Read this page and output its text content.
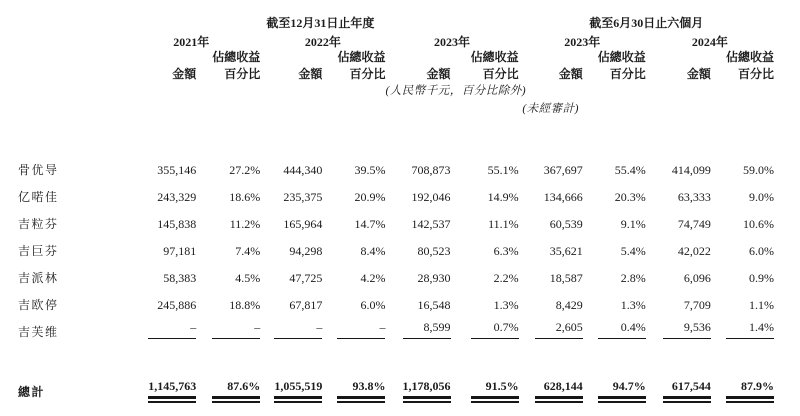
	截至12月31日止年度						截至6月30日止六個月			
	2021年		2022年		2023年		2023年		2024年	
		佔總收益		佔總收益		佔總收益		佔總收益		佔總收益
	金額	百分比	金額	百分比	金額	百分比	金額	百分比	金額	百分比
					(人民幣千元，百分比除外)					
							(未經審計)			

骨优导	355,146	27.2%	444,340	39.5%	708,873	55.1%	367,697	55.4%	414,099	59.0%
亿喏佳	243,329	18.6%	235,375	20.9%	192,046	14.9%	134,666	20.3%	63,333	9.0%
吉粒芬	145,838	11.2%	165,964	14.7%	142,537	11.1%	60,539	9.1%	74,749	10.6%
吉巨芬	97,181	7.4%	94,298	8.4%	80,523	6.3%	35,621	5.4%	42,022	6.0%
吉派林	58,383	4.5%	47,725	4.2%	28,930	2.2%	18,587	2.8%	6,096	0.9%
吉欧停	245,886	18.8%	67,817	6.0%	16,548	1.3%	8,429	1.3%	7,709	1.1%
吉芙维	–	–	–	–	8,599	0.7%	2,605	0.4%	9,536	1.4%

總計	1,145,763	87.6%	1,055,519	93.8%	1,178,056	91.5%	628,144	94.7%	617,544	87.9%
